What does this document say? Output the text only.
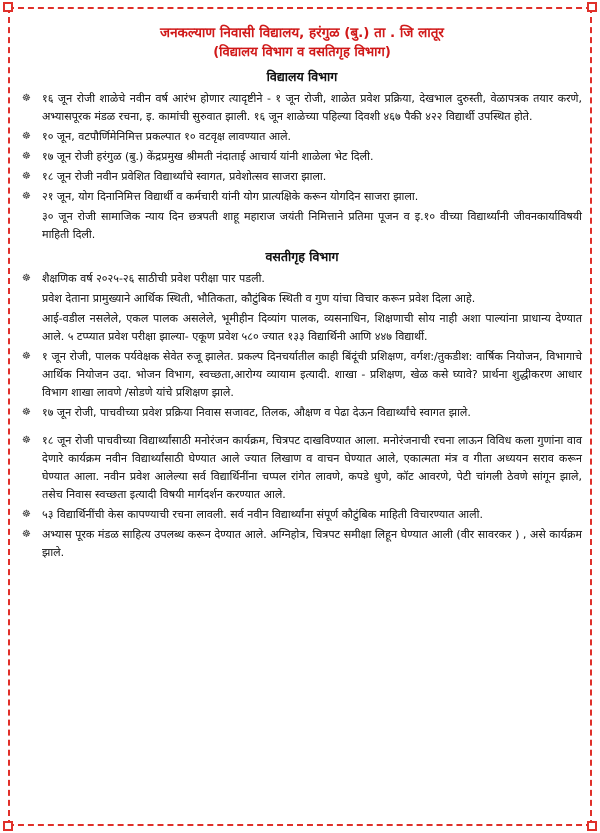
जनकल्याण निवासी विद्यालय, हरंगुळ (बु.) ता . जि लातूर
(विद्यालय विभाग व वसतिगृह विभाग)
विद्यालय विभाग
☸	१६ जून रोजी शाळेचे नवीन वर्ष आरंभ होणार त्यादृष्टीने - १ जून रोजी, शाळेत प्रवेश प्रक्रिया, देखभाल दुरुस्ती, वेळापत्रक तयार करणे, अभ्यासपूरक मंडळ रचना, इ. कामांची सुरुवात झाली. १६ जून शाळेच्या पहिल्या दिवशी ४६७ पैकी ४२२ विद्यार्थी उपस्थित होते.
☸	१० जून, वटपौर्णिमेनिमित्त प्रकल्पात १० वटवृक्ष लावण्यात आले.
☸	१७ जून रोजी हरंगुळ (बु.) केंद्रप्रमुख श्रीमती नंदाताई आचार्य यांनी शाळेला भेट दिली.
☸	१८ जून रोजी नवीन प्रवेशित विद्यार्थ्यांचे स्वागत, प्रवेशोत्सव साजरा झाला.
☸	२१ जून, योग दिनानिमित्त विद्यार्थी व कर्मचारी यांनी योग प्रात्यक्षिके करून योगदिन साजरा झाला.
३० जून रोजी सामाजिक न्याय दिन छत्रपती शाहू महाराज जयंती निमित्ताने प्रतिमा पूजन व इ.१० वीच्या विद्यार्थ्यांनी जीवनकार्याविषयी माहिती दिली.
वसतीगृह विभाग
☸	शैक्षणिक वर्ष २०२५-२६ साठीची प्रवेश परीक्षा पार पडली.
प्रवेश देताना प्रामुख्याने आर्थिक स्थिती, भौतिकता, कौटुंबिक स्थिती व गुण यांचा विचार करून प्रवेश दिला आहे.
आई-वडील नसलेले, एकल पालक असलेले, भूमीहीन दिव्यांग पालक, व्यसनाधिन, शिक्षणाची सोय नाही अशा पाल्यांना प्राधान्य देण्यात आले. ५ टप्प्यात प्रवेश परीक्षा झाल्या- एकूण प्रवेश ५८० ज्यात १३३ विद्यार्थिनी आणि ४४७ विद्यार्थी.
☸	१ जून रोजी, पालक पर्यवेक्षक सेवेत रुजू झालेत. प्रकल्प दिनचर्यातील काही बिंदूंची प्रशिक्षण, वर्गश:/तुकडीश: वार्षिक नियोजन, विभागाचे आर्थिक नियोजन उदा. भोजन विभाग, स्वच्छता,आरोग्य व्यायाम इत्यादी. शाखा - प्रशिक्षण, खेळ कसे घ्यावे? प्रार्थना शुद्धीकरण आधार विभाग शाखा लावणे /सोडणे यांचे प्रशिक्षण झाले.
☸	१७ जून रोजी, पाचवीच्या प्रवेश प्रक्रिया निवास सजावट, तिलक, औक्षण व पेढा देऊन विद्यार्थ्यांचे स्वागत झाले.
☸	१८ जून रोजी पाचवीच्या विद्यार्थ्यांसाठी मनोरंजन कार्यक्रम, चित्रपट दाखविण्यात आला. मनोरंजनाची रचना लाऊन विविध कला गुणांना वाव देणारे कार्यक्रम नवीन विद्यार्थ्यांसाठी घेण्यात आले ज्यात लिखाण व वाचन घेण्यात आले, एकात्मता मंत्र व गीता अध्ययन सराव करून घेण्यात आला. नवीन प्रवेश आलेल्या सर्व विद्यार्थिनींना चप्पल रांगेत लावणे, कपडे धुणे, कॉट आवरणे, पेटी चांगली ठेवणे सांगून झाले, तसेच निवास स्वच्छता इत्यादी विषयी मार्गदर्शन करण्यात आले.
☸	५३ विद्यार्थिनींची केस कापण्याची रचना लावली. सर्व नवीन विद्यार्थ्यांना संपूर्ण कौटुंबिक माहिती विचारण्यात आली.
☸	अभ्यास पूरक मंडळ साहित्य उपलब्ध करून देण्यात आले. अग्निहोत्र, चित्रपट समीक्षा लिहून घेण्यात आली (वीर सावरकर ) , असे कार्यक्रम झाले.
